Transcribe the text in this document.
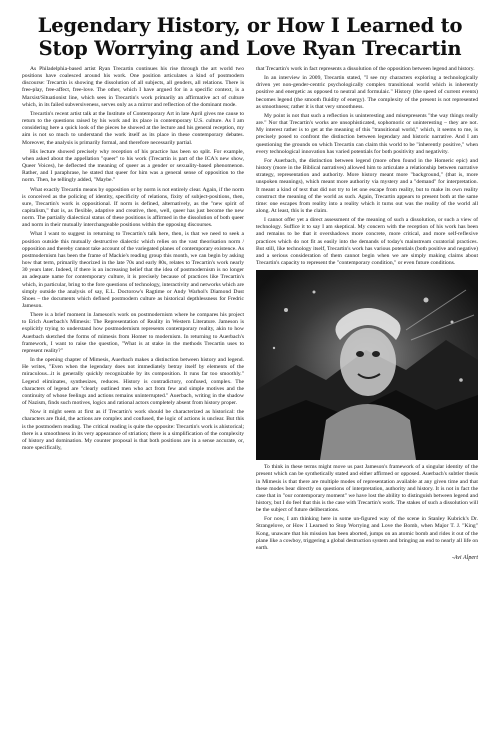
Legendary History, or How I Learned to
Stop Worrying and Love Ryan Trecartin

As Philadelphia-based artist Ryan Trecartin continues his rise through the art world two positions have coalesced around his work. One position articulates a kind of postmodern discourse: Trecartin is showing the dissolution of all subjects, all genders, all relations. There is free-play, free-affect, free-love. The other, which I have argued for in a specific context, is a Marxist/Situationist line, which sees in Trecartin's work primarily an affirmative act of culture which, in its failed subversiveness, serves only as a mirror and reflection of the dominant mode.

Trecartin's recent artist talk at the Institute of Contemporary Art in late April gives me cause to return to the questions raised by his work and its place in contemporary U.S. culture. As I am considering here a quick look of the pieces he showed at the lecture and his general reception, my aim is not so much to understand the work itself as its place in these contemporary debates. Moreover, the analysis is primarily formal, and therefore necessarily partial.

His lecture showed precisely why reception of his practice has been so split. For example, when asked about the appellation "queer" to his work (Trecartin is part of the ICA's new show, Queer Voices), he deflected the meaning of queer as a gender or sexuality-based phenomenon. Rather, and I paraphrase, he stated that queer for him was a general sense of opposition to the norm. Then, he tellingly added, "Maybe."

What exactly Trecartin means by opposition or by norm is not entirely clear. Again, if the norm is conceived as the policing of identity, specificity of relations, fixity of subject-positions, then, sure, Trecartin's work is oppositional. If norm is defined, alternatively, as the "new spirit of capitalism," that is, as flexible, adaptive and creative, then, well, queer has just become the new norm. The partially dialectical status of these positions is affirmed in the dissolution of both queer and norm in their mutually interchangeable positions within the opposing discourses.

What I want to suggest in returning to Trecartin's talk here, then, is that we need to seek a position outside this mutually destructive dialectic which relies on the vast theorisation norm / opposition and thereby cannot take account of the variegated planes of contemporary existence. As postmodernism has been the frame of Mackie's reading group this month, we can begin by asking how that term, primarily theorized in the late 70s and early 80s, relates to Trecartin's work nearly 30 years later. Indeed, if there is an increasing belief that the idea of postmodernism is no longer an adequate name for contemporary culture, it is precisely because of practices like Trecartin's which, in particular, bring to the fore questions of technology, interactivity and networks which are simply outside the analysis of say, E.L. Doctorow's Ragtime or Andy Warhol's Diamond Dust Shoes – the documents which defined postmodern culture as historical depthlessness for Fredric Jameson.

There is a brief moment in Jameson's work on postmodernism where he compares his project to Erich Auerbach's Mimesis: The Representation of Reality in Western Literature. Jameson is explicitly trying to understand how postmodernism represents contemporary reality, akin to how Auerbach sketched the forms of mimesis from Homer to modernism. In returning to Auerbach's framework, I want to raise the question, "What is at stake in the methods Trecartin uses to represent reality?"

In the opening chapter of Mimesis, Auerbach makes a distinction between history and legend. He writes, "Even when the legendary does not immediately betray itself by elements of the miraculous...it is generally quickly recognizable by its composition. It runs far too smoothly." Legend eliminates, synthesizes, reduces. History is contradictory, confused, complex. The characters of legend are "clearly outlined men who act from few and simple motives and the continuity of whose feelings and actions remains uninterrupted." Auerbach, writing in the shadow of Nazism, finds such motives, logics and rational actors completely absent from history proper.

Now it might seem at first as if Trecartin's work should be characterized as historical: the characters are fluid, the actions are complex and confused, the logic of actions is unclear. But this is the postmodern reading. The critical reading is quite the opposite: Trecartin's work is ahistorical; there is a smoothness in its very appearance of striation; there is a simplification of the complexity of history and domination. My counter proposal is that both positions are in a sense accurate, or, more specifically,

that Trecartin's work in fact represents a dissolution of the opposition between legend and history.

In an interview in 2009, Trecartin stated, "I see my characters exploring a technologically driven yet non-gender-centric psychologically complex transitional world which is inherently positive and energetic as opposed to neutral and formulaic." History (the speed of current events) becomes legend (the smooth fluidity of energy). The complexity of the present is not represented as smoothness; rather it is that very smoothness.

My point is not that such a reflection is uninteresting and misrepresents "the way things really are." Nor that Trecartin's works are unsophisticated, sophomoric or uninteresting – they are not. My interest rather is to get at the meaning of this "transitional world," which, it seems to me, is precisely posed to confront the distinction between legendary and historic narrative. And I am questioning the grounds on which Trecartin can claim this world to be "inherently positive," when every technological innovation has varied potentials for both positivity and negativity.

For Auerbach, the distinction between legend (more often found in the Homeric epic) and history (more in the Biblical narratives) allowed him to articulate a relationship between narrative strategy, representation and authority. More history meant more "background," (that is, more unspoken meanings), which meant more authority via mystery and a "demand" for interpretation. It meant a kind of text that did not try to let one escape from reality, but to make its own reality construct the meaning of the world as such. Again, Trecartin appears to present both at the same time: one escapes from reality into a reality which it turns out was the reality of the world all along. At least, this is the claim.

I cannot offer yet a direct assessment of the meaning of such a dissolution, or such a view of technology. Suffice it to say I am skeptical. My concern with the reception of his work has been and remains to be that it overshadows more concrete, more critical, and more self-reflexive practices which do not fit as easily into the demands of today's mainstream curatorial practices. But still, like technology itself, Trecartin's work has various potentials (both positive and negative) and a serious consideration of them cannot begin when we are simply making claims about Trecartin's capacity to represent the "contemporary condition," or even future conditions.

To think in these terms might move us past Jameson's framework of a singular identity of the present which can be synthetically stated and either affirmed or opposed. Auerbach's subtler thesis in Mimesis is that there are multiple modes of representation available at any given time and that these modes bear directly on questions of interpretation, authority and history. It is not in fact the case that in "our contemporary moment" we have lost the ability to distinguish between legend and history, but I do feel that this is the case with Trecartin's work. The stakes of such a dissolution will be the subject of future deliberations.

For now, I am thinking here in some un-figured way of the scene in Stanley Kubrick's Dr. Strangelove, or How I Learned to Stop Worrying and Love the Bomb, when Major T. J. "King" Kong, unaware that his mission has been aborted, jumps on an atomic bomb and rides it out of the plane like a cowboy, triggering a global destruction system and bringing an end to nearly all life on earth.

-Avi Alpert
